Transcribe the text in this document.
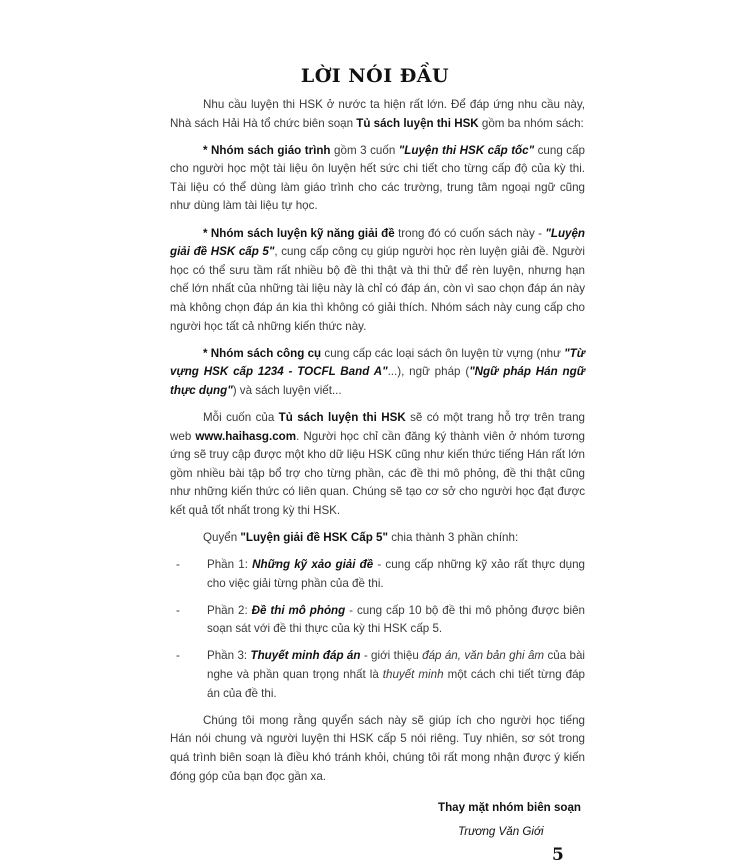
LỜI NÓI ĐẦU

Nhu cầu luyện thi HSK ở nước ta hiện rất lớn. Để đáp ứng nhu cầu này, Nhà sách Hải Hà tổ chức biên soạn Tủ sách luyện thi HSK gồm ba nhóm sách:

* Nhóm sách giáo trình gồm 3 cuốn "Luyện thi HSK cấp tốc" cung cấp cho người học một tài liệu ôn luyện hết sức chi tiết cho từng cấp độ của kỳ thi. Tài liệu có thể dùng làm giáo trình cho các trường, trung tâm ngoại ngữ cũng như dùng làm tài liệu tự học.

* Nhóm sách luyện kỹ năng giải đề trong đó có cuốn sách này - "Luyện giải đề HSK cấp 5", cung cấp công cụ giúp người học rèn luyện giải đề. Người học có thể sưu tầm rất nhiều bộ đề thi thật và thi thử để rèn luyện, nhưng hạn chế lớn nhất của những tài liệu này là chỉ có đáp án, còn vì sao chọn đáp án này mà không chọn đáp án kia thì không có giải thích. Nhóm sách này cung cấp cho người học tất cả những kiến thức này.

* Nhóm sách công cụ cung cấp các loại sách ôn luyện từ vựng (như "Từ vựng HSK cấp 1234 - TOCFL Band A"...), ngữ pháp ("Ngữ pháp Hán ngữ thực dụng") và sách luyện viết...

Mỗi cuốn của Tủ sách luyện thi HSK sẽ có một trang hỗ trợ trên trang web www.haihasg.com. Người học chỉ cần đăng ký thành viên ở nhóm tương ứng sẽ truy cập được một kho dữ liệu HSK cũng như kiến thức tiếng Hán rất lớn gồm nhiều bài tập bổ trợ cho từng phần, các đề thi mô phỏng, đề thi thật cũng như những kiến thức có liên quan. Chúng sẽ tạo cơ sở cho người học đạt được kết quả tốt nhất trong kỳ thi HSK.

Quyển "Luyện giải đề HSK Cấp 5" chia thành 3 phần chính:

- Phần 1: Những kỹ xảo giải đề - cung cấp những kỹ xảo rất thực dụng cho việc giải từng phần của đề thi.
- Phần 2: Đề thi mô phỏng - cung cấp 10 bộ đề thi mô phỏng được biên soạn sát với đề thi thực của kỳ thi HSK cấp 5.
- Phần 3: Thuyết minh đáp án - giới thiệu đáp án, văn bản ghi âm của bài nghe và phần quan trọng nhất là thuyết minh một cách chi tiết từng đáp án của đề thi.

Chúng tôi mong rằng quyển sách này sẽ giúp ích cho người học tiếng Hán nói chung và người luyện thi HSK cấp 5 nói riêng. Tuy nhiên, sơ sót trong quá trình biên soạn là điều khó tránh khỏi, chúng tôi rất mong nhận được ý kiến đóng góp của bạn đọc gần xa.

Thay mặt nhóm biên soạn
Trương Văn Giới
5
